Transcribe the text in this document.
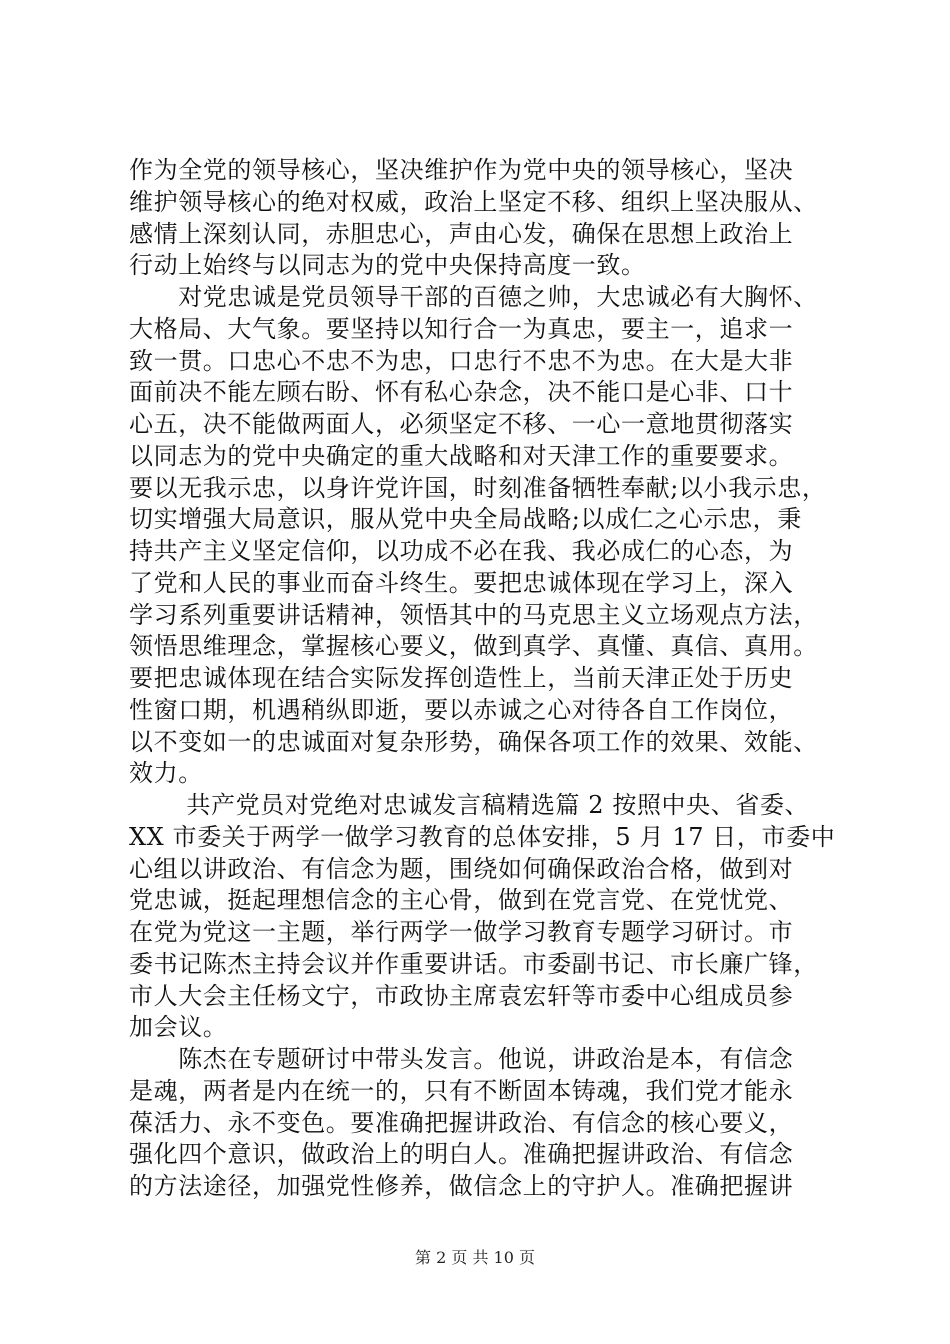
作为全党的领导核心，坚决维护作为党中央的领导核心，坚决
维护领导核心的绝对权威，政治上坚定不移、组织上坚决服从、
感情上深刻认同，赤胆忠心，声由心发，确保在思想上政治上
行动上始终与以同志为的党中央保持高度一致。
　　对党忠诚是党员领导干部的百德之帅，大忠诚必有大胸怀、
大格局、大气象。要坚持以知行合一为真忠，要主一，追求一
致一贯。口忠心不忠不为忠，口忠行不忠不为忠。在大是大非
面前决不能左顾右盼、怀有私心杂念，决不能口是心非、口十
心五，决不能做两面人，必须坚定不移、一心一意地贯彻落实
以同志为的党中央确定的重大战略和对天津工作的重要要求。
要以无我示忠，以身许党许国，时刻准备牺牲奉献;以小我示忠，
切实增强大局意识，服从党中央全局战略;以成仁之心示忠，秉
持共产主义坚定信仰，以功成不必在我、我必成仁的心态，为
了党和人民的事业而奋斗终生。要把忠诚体现在学习上，深入
学习系列重要讲话精神，领悟其中的马克思主义立场观点方法，
领悟思维理念，掌握核心要义，做到真学、真懂、真信、真用。
要把忠诚体现在结合实际发挥创造性上，当前天津正处于历史
性窗口期，机遇稍纵即逝，要以赤诚之心对待各自工作岗位，
以不变如一的忠诚面对复杂形势，确保各项工作的效果、效能、
效力。
　　 共产党员对党绝对忠诚发言稿精选篇 2 按照中央、省委、
XX 市委关于两学一做学习教育的总体安排，5 月 17 日，市委中
心组以讲政治、有信念为题，围绕如何确保政治合格，做到对
党忠诚，挺起理想信念的主心骨，做到在党言党、在党忧党、
在党为党这一主题，举行两学一做学习教育专题学习研讨。市
委书记陈杰主持会议并作重要讲话。市委副书记、市长廉广锋，
市人大会主任杨文宁，市政协主席袁宏轩等市委中心组成员参
加会议。
　　陈杰在专题研讨中带头发言。他说，讲政治是本，有信念
是魂，两者是内在统一的，只有不断固本铸魂，我们党才能永
葆活力、永不变色。要准确把握讲政治、有信念的核心要义，
强化四个意识，做政治上的明白人。准确把握讲政治、有信念
的方法途径，加强党性修养，做信念上的守护人。准确把握讲
第 2 页 共 10 页
